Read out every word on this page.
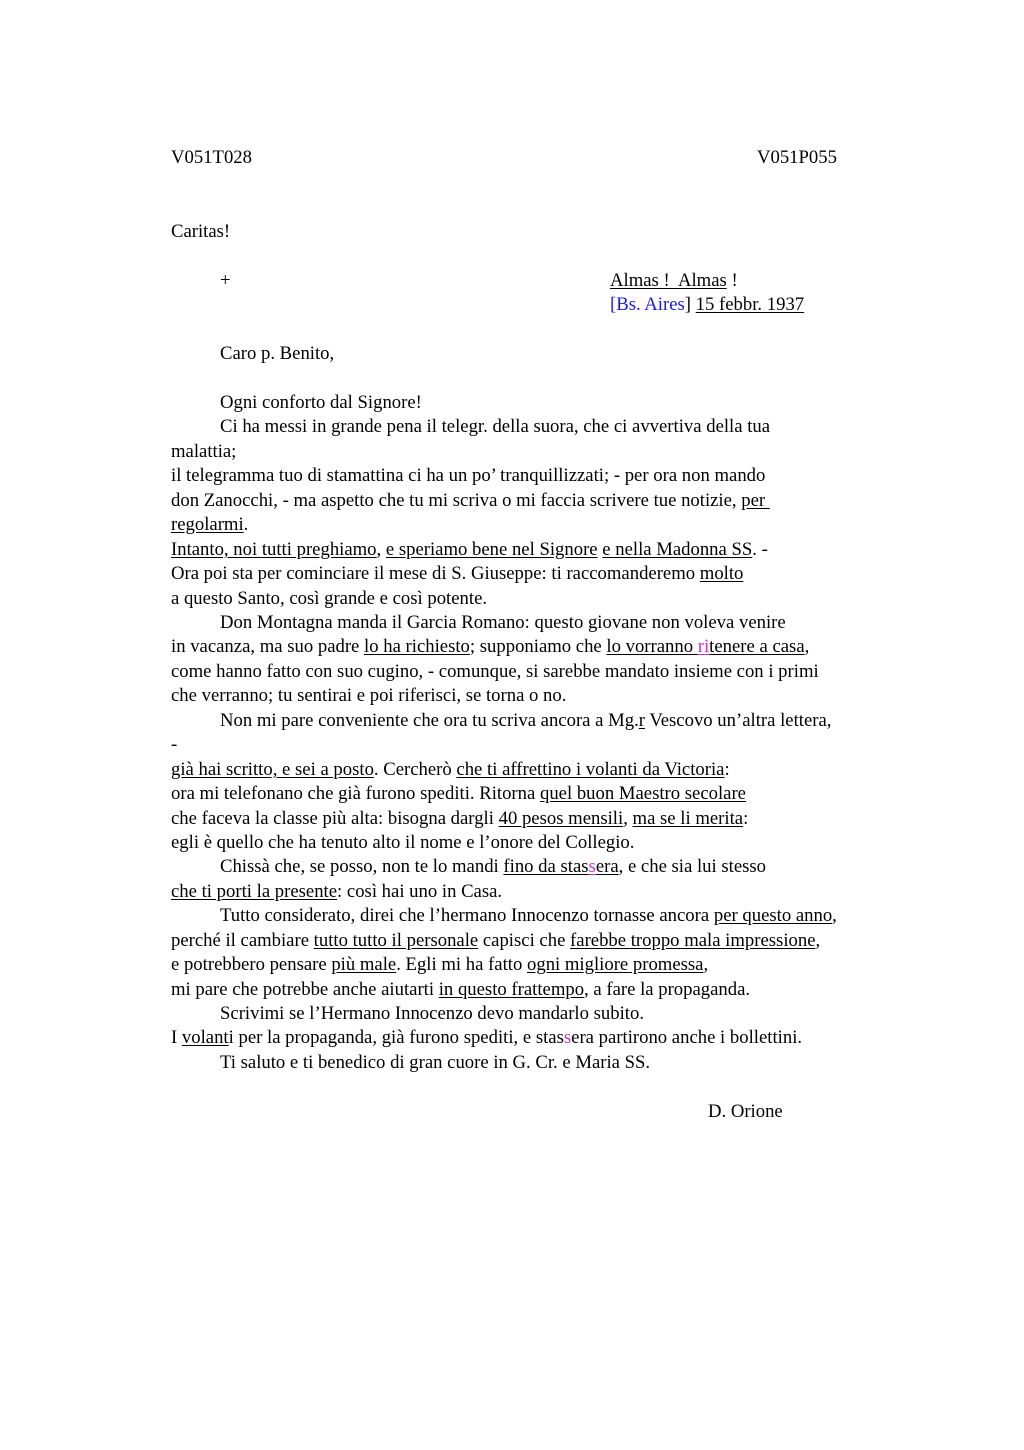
V051T028	V051P055
Caritas!
+	Almas !  Almas !
[Bs. Aires] 15 febbr. 1937
Caro p. Benito,
Ogni conforto dal Signore!
Ci ha messi in grande pena il telegr. della suora, che ci avvertiva della tua
malattia;
il telegramma tuo di stamattina ci ha un po’ tranquillizzati; - per ora non mando
don Zanocchi, - ma aspetto che tu mi scriva o mi faccia scrivere tue notizie, per
regolarmi.
Intanto, noi tutti preghiamo, e speriamo bene nel Signore e nella Madonna SS. -
Ora poi sta per cominciare il mese di S. Giuseppe: ti raccomanderemo molto
a questo Santo, così grande e così potente.
Don Montagna manda il Garcia Romano: questo giovane non voleva venire
in vacanza, ma suo padre lo ha richiesto; supponiamo che lo vorranno ritenere a casa,
come hanno fatto con suo cugino, - comunque, si sarebbe mandato insieme con i primi
che verranno; tu sentirai e poi riferisci, se torna o no.
Non mi pare conveniente che ora tu scriva ancora a Mg.r Vescovo un’altra lettera,
-
già hai scritto, e sei a posto. Cercherò che ti affrettino i volanti da Victoria:
ora mi telefonano che già furono spediti. Ritorna quel buon Maestro secolare
che faceva la classe più alta: bisogna dargli 40 pesos mensili, ma se li merita:
egli è quello che ha tenuto alto il nome e l’onore del Collegio.
Chissà che, se posso, non te lo mandi fino da stassera, e che sia lui stesso
che ti porti la presente: così hai uno in Casa.
Tutto considerato, direi che l’hermano Innocenzo tornasse ancora per questo anno,
perché il cambiare tutto tutto il personale capisci che farebbe troppo mala impressione,
e potrebbero pensare più male. Egli mi ha fatto ogni migliore promessa,
mi pare che potrebbe anche aiutarti in questo frattempo, a fare la propaganda.
Scrivimi se l’Hermano Innocenzo devo mandarlo subito.
I volanti per la propaganda, già furono spediti, e stassera partirono anche i bollettini.
Ti saluto e ti benedico di gran cuore in G. Cr. e Maria SS.
D. Orione
